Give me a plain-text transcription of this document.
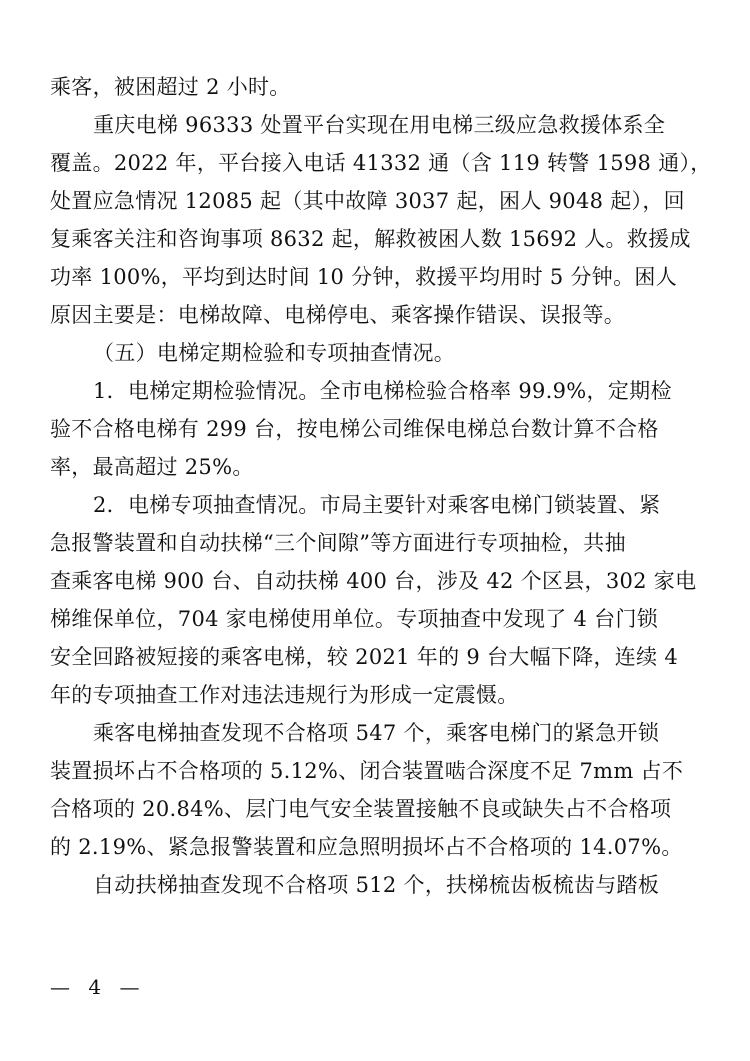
乘客，被困超过 2 小时。
重庆电梯 96333 处置平台实现在用电梯三级应急救援体系全
覆盖。2022 年，平台接入电话 41332 通（含 119 转警 1598 通），
处置应急情况 12085 起（其中故障 3037 起，困人 9048 起），回
复乘客关注和咨询事项 8632 起，解救被困人数 15692 人。救援成
功率 100%，平均到达时间 10 分钟，救援平均用时 5 分钟。困人
原因主要是：电梯故障、电梯停电、乘客操作错误、误报等。
（五）电梯定期检验和专项抽查情况。
1．电梯定期检验情况。全市电梯检验合格率 99.9%，定期检
验不合格电梯有 299 台，按电梯公司维保电梯总台数计算不合格
率，最高超过 25%。
2．电梯专项抽查情况。市局主要针对乘客电梯门锁装置、紧
急报警装置和自动扶梯“三个间隙”等方面进行专项抽检，共抽
查乘客电梯 900 台、自动扶梯 400 台，涉及 42 个区县，302 家电
梯维保单位，704 家电梯使用单位。专项抽查中发现了 4 台门锁
安全回路被短接的乘客电梯，较 2021 年的 9 台大幅下降，连续 4
年的专项抽查工作对违法违规行为形成一定震慑。
乘客电梯抽查发现不合格项 547 个，乘客电梯门的紧急开锁
装置损坏占不合格项的 5.12%、闭合装置啮合深度不足 7mm 占不
合格项的 20.84%、层门电气安全装置接触不良或缺失占不合格项
的 2.19%、紧急报警装置和应急照明损坏占不合格项的 14.07%。
自动扶梯抽查发现不合格项 512 个，扶梯梳齿板梳齿与踏板
— 4 —
